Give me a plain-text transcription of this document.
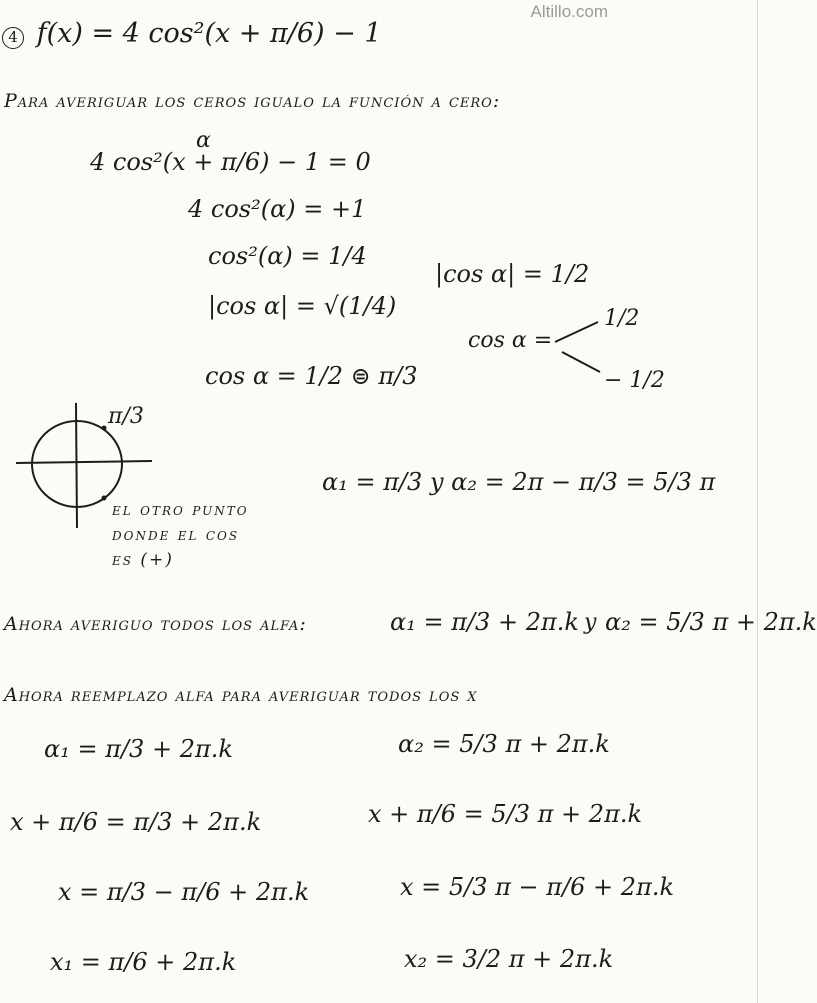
Altillo.com
4 f(x) = 4 cos²(x + π/6) − 1
Para averiguar los ceros igualo la función a cero:
α
4 cos²(x + π/6) − 1 = 0
4 cos²(α) = +1
cos²(α) = 1/4
|cos α| = √(1/4)
cos α = 1/2 ⊜ π/3
|cos α| = 1/2
cos α =
1/2
− 1/2
π/3
el otro punto
donde el cos
es (+)
α₁ = π/3 y α₂ = 2π − π/3 = 5/3 π
Ahora averiguo todos los alfa:	α₁ = π/3 + 2π.k y α₂ = 5/3 π + 2π.k
Ahora reemplazo alfa para averiguar todos los x
α₁ = π/3 + 2π.k
x + π/6 = π/3 + 2π.k
x = π/3 − π/6 + 2π.k
x₁ = π/6 + 2π.k
α₂ = 5/3 π + 2π.k
x + π/6 = 5/3 π + 2π.k
x = 5/3 π − π/6 + 2π.k
x₂ = 3/2 π + 2π.k
